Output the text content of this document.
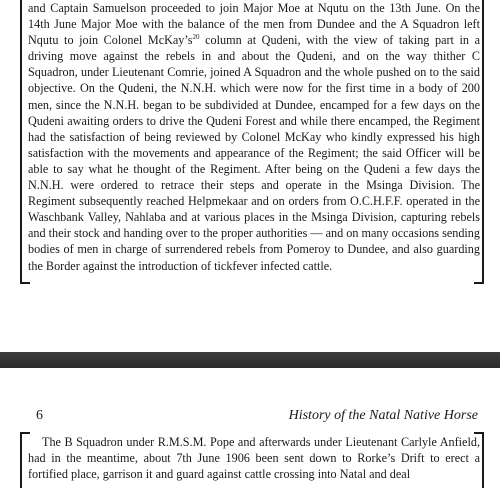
and Captain Samuelson proceeded to join Major Moe at Nqutu on the 13th June. On the 14th June Major Moe with the balance of the men from Dundee and the A Squadron left Nqutu to join Colonel $McKay’s^{20}$ column at Qudeni, with the view of taking part in a driving move against the rebels in and about the Qudeni, and on the way thither C Squadron, under Lieutenant Comrie, joined A Squadron and the whole pushed on to the said objective. On the Qudeni, the N.N.H. which were now for the first time in a body of 200 men, since the N.N.H. began to be subdivided at Dundee, encamped for a few days on the Qudeni awaiting orders to drive the Qudeni Forest and while there encamped, the Regiment had the satisfaction of being reviewed by Colonel McKay who kindly expressed his high satisfaction with the movements and appearance of the Regiment; the said Officer will be able to say what he thought of the Regiment. After being on the Qudeni a few days the N.N.H. were ordered to retrace their steps and operate in the Msinga Division. The Regiment subsequently reached Helpmekaar and on orders from O.C.H.F.F. operated in the Waschbank Valley, Nahlaba and at various places in the Msinga Division, capturing rebels and their stock and handing over to the proper authorities — and on many occasions sending bodies of men in charge of surrendered rebels from Pomeroy to Dundee, and also guarding the Border against the introduction of tickfever infected cattle.

6	History of the Natal Native Horse

The B Squadron under R.M.S.M. Pope and afterwards under Lieutenant Carlyle Anfield, had in the meantime, about 7th June 1906 been sent down to Rorke’s Drift to erect a fortified place, garrison it and guard against cattle crossing into Natal and deal
